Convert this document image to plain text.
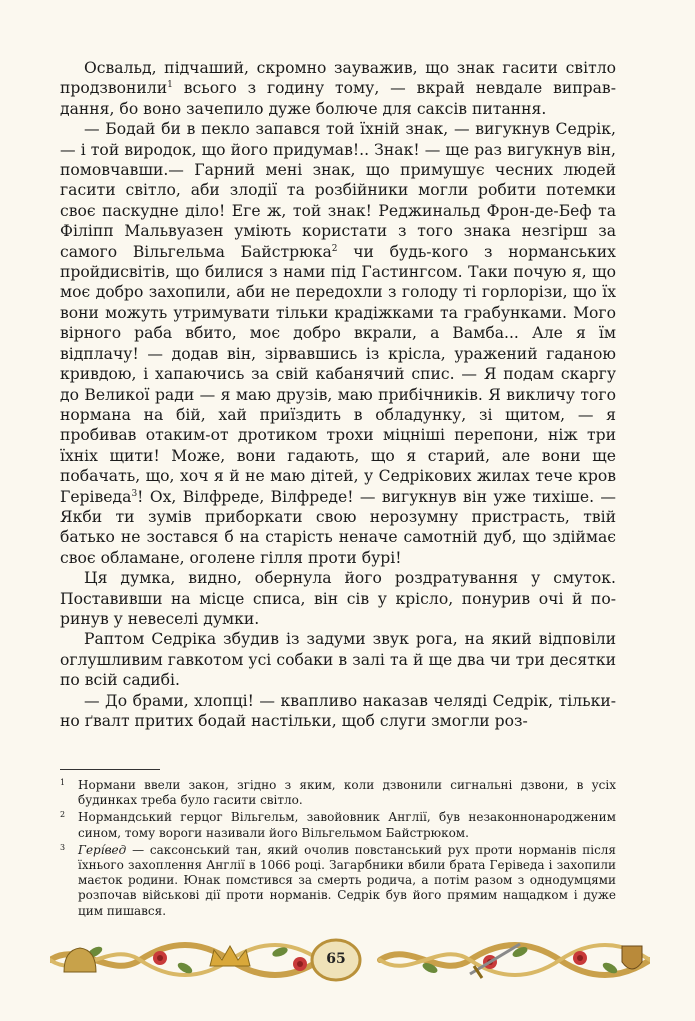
Освальд, підчаший, скромно зауважив, що знак гасити світло продзвонили$^1$ всього з годину тому, — вкрай невдале виправдання, бо воно зачепило дуже болюче для саксів питання.

— Бодай би в пекло запався той їхній знак, — вигукнув Седрік, — і той виродок, що його придумав!.. Знак! — ще раз вигукнув він, помовчавши.— Гарний мені знак, що примушує чесних людей гасити світло, аби злодії та розбійники могли робити потемки своє паскудне діло! Еге ж, той знак! Реджинальд Фрон-де-Беф та Філіпп Мальвуазен уміють користати з того знака незгірш за самого Вільгельма Байстрюка$^2$ чи будь-кого з норманських пройдисвітів, що билися з нами під Гастингсом. Таки почую я, що моє добро захопили, аби не передохли з голоду ті горлорізи, що їх вони можуть утримувати тільки крадіжками та грабунками. Мого вірного раба вбито, моє добро вкрали, а Вамба... Але я їм відплачу! — додав він, зірвавшись із крісла, уражений гаданою кривдою, і хапаючись за свій кабанячий спис. — Я подам скаргу до Великої ради — я маю друзів, маю прибічників. Я викличу того нормана на бій, хай приїздить в обладунку, зі щитом, — я пробивав отаким-от дротиком трохи міцніші перепони, ніж три їхніх щити! Може, вони гадають, що я старий, але вони ще побачать, що, хоч я й не маю дітей, у Седрікових жилах тече кров Геріведа$^3$! Ох, Вілфреде, Вілфреде! — вигукнув він уже тихіше. — Якби ти зумів приборкати свою нерозумну пристрасть, твій батько не зостався б на старість неначе самотній дуб, що здіймає своє обламане, оголене гілля проти бурі!

Ця думка, видно, обернула його роздратування у смуток. Поставивши на місце списа, він сів у крісло, понурив очі й поринув у невеселі думки.

Раптом Седріка збудив із задуми звук рога, на який відповіли оглушливим гавкотом усі собаки в залі та й ще два чи три десятки по всій садибі.

— До брами, хлопці! — квапливо наказав челяді Седрік, тільки-но ґвалт притих бодай настільки, щоб слуги змогли роз-

1 Нормани ввели закон, згідно з яким, коли дзвонили сигнальні дзвони, в усіх будинках треба було гасити світло.
2 Нормандський герцог Вільгельм, завойовник Англії, був незаконнонародженим сином, тому вороги називали його Вільгельмом Байстрюком.
3 Гері́вед — саксонський тан, який очолив повстанський рух проти норманів після їхнього захоплення Англії в 1066 році. Загарбники вбили брата Геріведа і захопили маєток родини. Юнак помстився за смерть родича, а потім разом з однодумцями розпочав військові дії проти норманів. Седрік був його прямим нащадком і дуже цим пишався.
65
